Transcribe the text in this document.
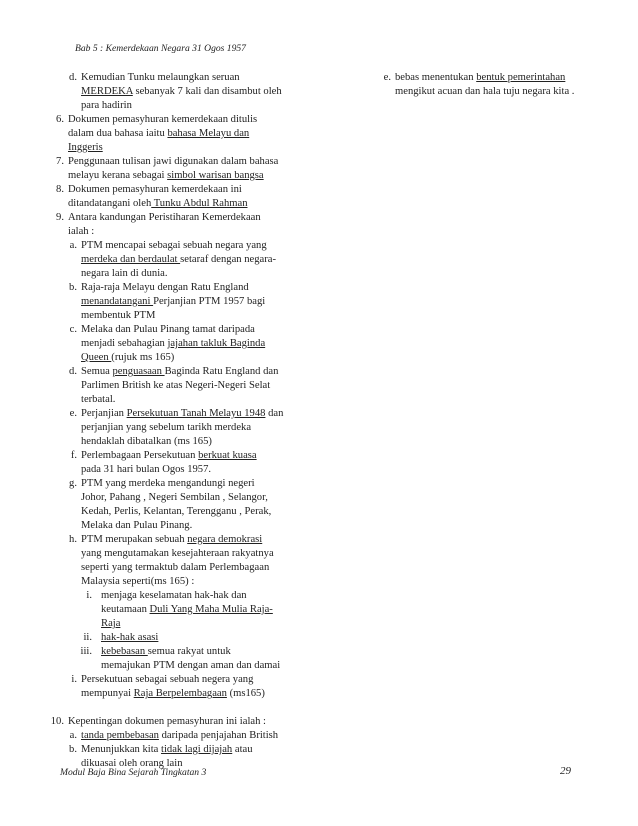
Bab 5 : Kemerdekaan Negara 31 Ogos 1957
d. Kemudian Tunku melaungkan seruan
MERDEKA sebanyak 7 kali dan disambut oleh
para hadirin
6. Dokumen pemasyhuran kemerdekaan ditulis
dalam dua bahasa iaitu bahasa Melayu dan
Inggeris
7. Penggunaan tulisan jawi digunakan dalam bahasa
melayu kerana sebagai simbol warisan bangsa
8. Dokumen pemasyhuran kemerdekaan ini
ditandatangani oleh Tunku Abdul Rahman
9. Antara kandungan Peristiharan Kemerdekaan
ialah :
a. PTM mencapai sebagai sebuah negara yang
merdeka dan berdaulat setaraf dengan negara-
negara lain di dunia.
b. Raja-raja Melayu dengan Ratu England
menandatangani Perjanjian PTM 1957 bagi
membentuk PTM
c. Melaka dan Pulau Pinang tamat daripada
menjadi sebahagian jajahan takluk Baginda
Queen (rujuk ms 165)
d. Semua penguasaan Baginda Ratu England dan
Parlimen British ke atas Negeri-Negeri Selat
terbatal.
e. Perjanjian Persekutuan Tanah Melayu 1948 dan
perjanjian yang sebelum tarikh merdeka
hendaklah dibatalkan (ms 165)
f. Perlembagaan Persekutuan berkuat kuasa
pada 31 hari bulan Ogos 1957.
g. PTM yang merdeka mengandungi negeri
Johor, Pahang , Negeri Sembilan , Selangor,
Kedah, Perlis, Kelantan, Terengganu , Perak,
Melaka dan Pulau Pinang.
h. PTM merupakan sebuah negara demokrasi
yang mengutamakan kesejahteraan rakyatnya
seperti yang termaktub dalam Perlembagaan
Malaysia seperti(ms 165) :
i. menjaga keselamatan hak-hak dan
keutamaan Duli Yang Maha Mulia Raja-
Raja
ii. hak-hak asasi
iii. kebebasan semua rakyat untuk
memajukan PTM dengan aman dan damai
i. Persekutuan sebagai sebuah negera yang
mempunyai Raja Berpelembagaan (ms165)
10. Kepentingan dokumen pemasyhuran ini ialah :
a. tanda pembebasan daripada penjajahan British
b. Menunjukkan kita tidak lagi dijajah atau
dikuasai oleh orang lain
e. bebas menentukan bentuk pemerintahan
mengikut acuan dan hala tuju negara kita .
Modul Baja Bina Sejarah Tingkatan 3	29
